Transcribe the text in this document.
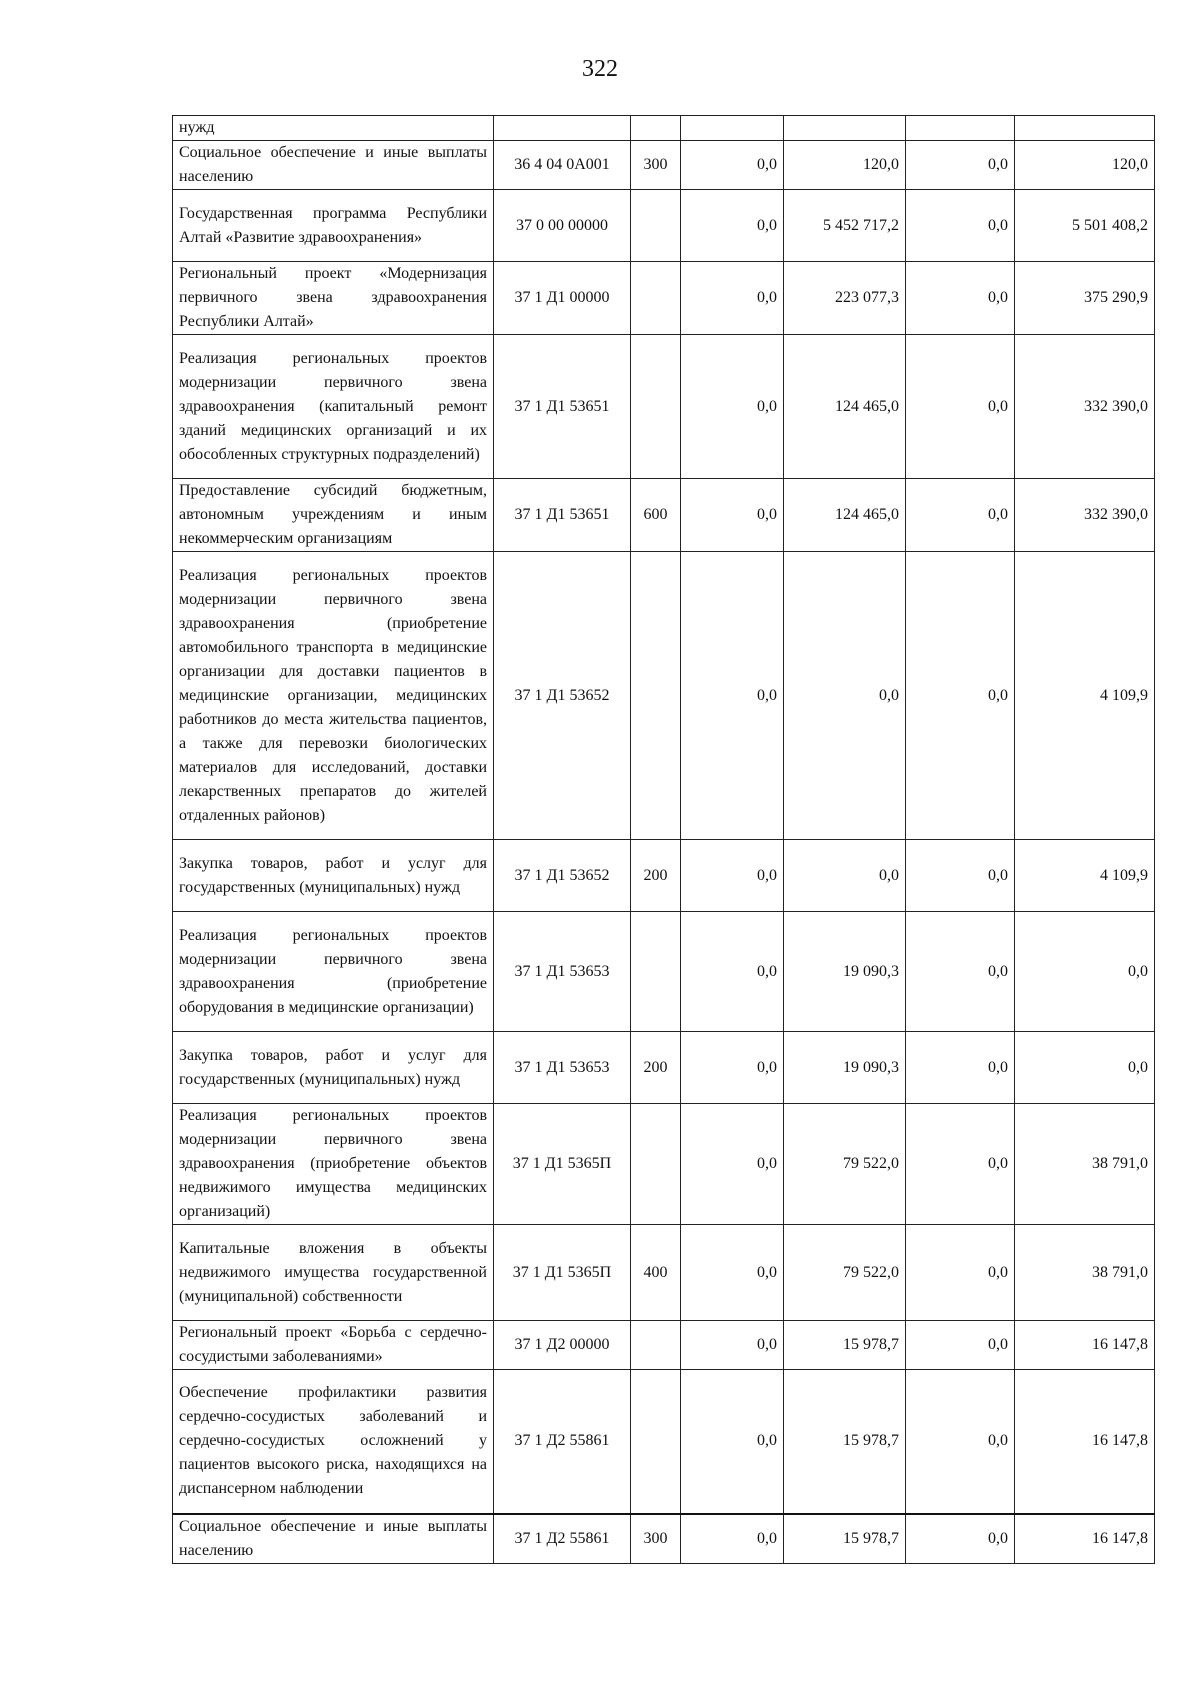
322
нужд						
Социальное обеспечение и иные выплаты населению	36 4 04 0А001	300	0,0	120,0	0,0	120,0
Государственная программа Республики Алтай «Развитие здравоохранения»	37 0 00 00000		0,0	5 452 717,2	0,0	5 501 408,2
Региональный проект «Модернизация первичного звена здравоохранения Республики Алтай»	37 1 Д1 00000		0,0	223 077,3	0,0	375 290,9
Реализация региональных проектов модернизации первичного звена здравоохранения (капитальный ремонт зданий медицинских организаций и их обособленных структурных подразделений)	37 1 Д1 53651		0,0	124 465,0	0,0	332 390,0
Предоставление субсидий бюджетным, автономным учреждениям и иным некоммерческим организациям	37 1 Д1 53651	600	0,0	124 465,0	0,0	332 390,0
Реализация региональных проектов модернизации первичного звена здравоохранения (приобретение автомобильного транспорта в медицинские организации для доставки пациентов в медицинские организации, медицинских работников до места жительства пациентов, а также для перевозки биологических материалов для исследований, доставки лекарственных препаратов до жителей отдаленных районов)	37 1 Д1 53652		0,0	0,0	0,0	4 109,9
Закупка товаров, работ и услуг для государственных (муниципальных) нужд	37 1 Д1 53652	200	0,0	0,0	0,0	4 109,9
Реализация региональных проектов модернизации первичного звена здравоохранения (приобретение оборудования в медицинские организации)	37 1 Д1 53653		0,0	19 090,3	0,0	0,0
Закупка товаров, работ и услуг для государственных (муниципальных) нужд	37 1 Д1 53653	200	0,0	19 090,3	0,0	0,0
Реализация региональных проектов модернизации первичного звена здравоохранения (приобретение объектов недвижимого имущества медицинских организаций)	37 1 Д1 5365П		0,0	79 522,0	0,0	38 791,0
Капитальные вложения в объекты недвижимого имущества государственной (муниципальной) собственности	37 1 Д1 5365П	400	0,0	79 522,0	0,0	38 791,0
Региональный проект «Борьба с сердечно-сосудистыми заболеваниями»	37 1 Д2 00000		0,0	15 978,7	0,0	16 147,8
Обеспечение профилактики развития сердечно-сосудистых заболеваний и сердечно-сосудистых осложнений у пациентов высокого риска, находящихся на диспансерном наблюдении	37 1 Д2 55861		0,0	15 978,7	0,0	16 147,8
Социальное обеспечение и иные выплаты населению	37 1 Д2 55861	300	0,0	15 978,7	0,0	16 147,8
